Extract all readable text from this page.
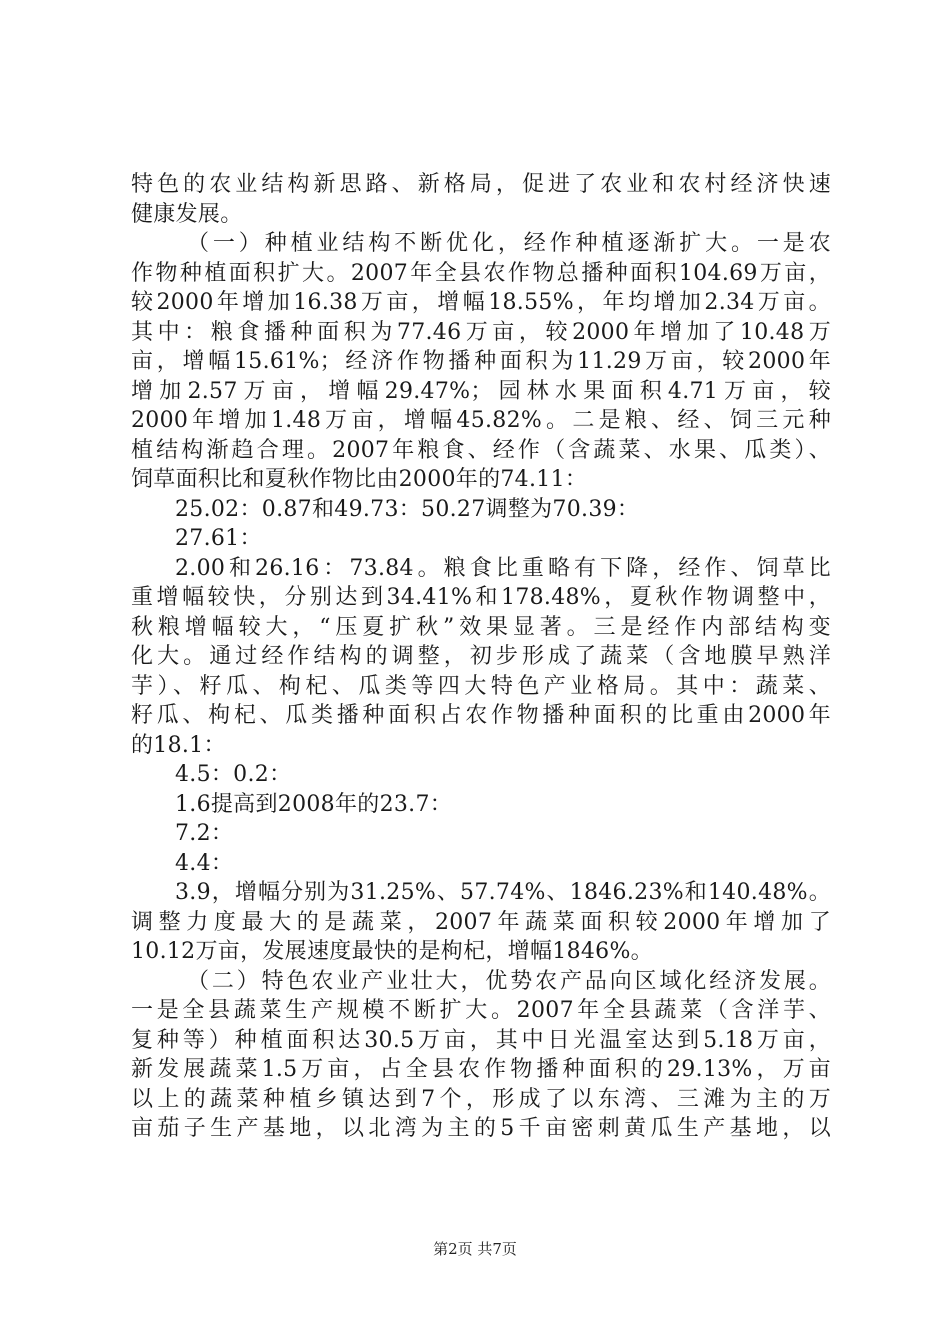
特色的农业结构新思路、新格局，促进了农业和农村经济快速
健康发展。
（一）种植业结构不断优化，经作种植逐渐扩大。一是农
作物种植面积扩大。2007年全县农作物总播种面积104.69万亩，
较2000年增加16.38万亩，增幅18.55%，年均增加2.34万亩。
其中：粮食播种面积为77.46万亩，较2000年增加了10.48万
亩，增幅15.61%；经济作物播种面积为11.29万亩，较2000年
增加2.57万亩，增幅29.47%；园林水果面积4.71万亩，较
2000年增加1.48万亩，增幅45.82%。二是粮、经、饲三元种
植结构渐趋合理。2007年粮食、经作（含蔬菜、水果、瓜类）、
饲草面积比和夏秋作物比由2000年的74.11：
25.02：0.87和49.73：50.27调整为70.39：
27.61：
2.00和26.16：73.84。粮食比重略有下降，经作、饲草比
重增幅较快，分别达到34.41%和178.48%，夏秋作物调整中，
秋粮增幅较大，“压夏扩秋”效果显著。三是经作内部结构变
化大。通过经作结构的调整，初步形成了蔬菜（含地膜早熟洋
芋）、籽瓜、枸杞、瓜类等四大特色产业格局。其中：蔬菜、
籽瓜、枸杞、瓜类播种面积占农作物播种面积的比重由2000年
的18.1：
4.5：0.2：
1.6提高到2008年的23.7：
7.2：
4.4：
3.9，增幅分别为31.25%、57.74%、1846.23%和140.48%。
调整力度最大的是蔬菜，2007年蔬菜面积较2000年增加了
10.12万亩，发展速度最快的是枸杞，增幅1846%。
（二）特色农业产业壮大，优势农产品向区域化经济发展。
一是全县蔬菜生产规模不断扩大。2007年全县蔬菜（含洋芋、
复种等）种植面积达30.5万亩，其中日光温室达到5.18万亩，
新发展蔬菜1.5万亩，占全县农作物播种面积的29.13%，万亩
以上的蔬菜种植乡镇达到7个，形成了以东湾、三滩为主的万
亩茄子生产基地，以北湾为主的5千亩密刺黄瓜生产基地，以
第2页 共7页
